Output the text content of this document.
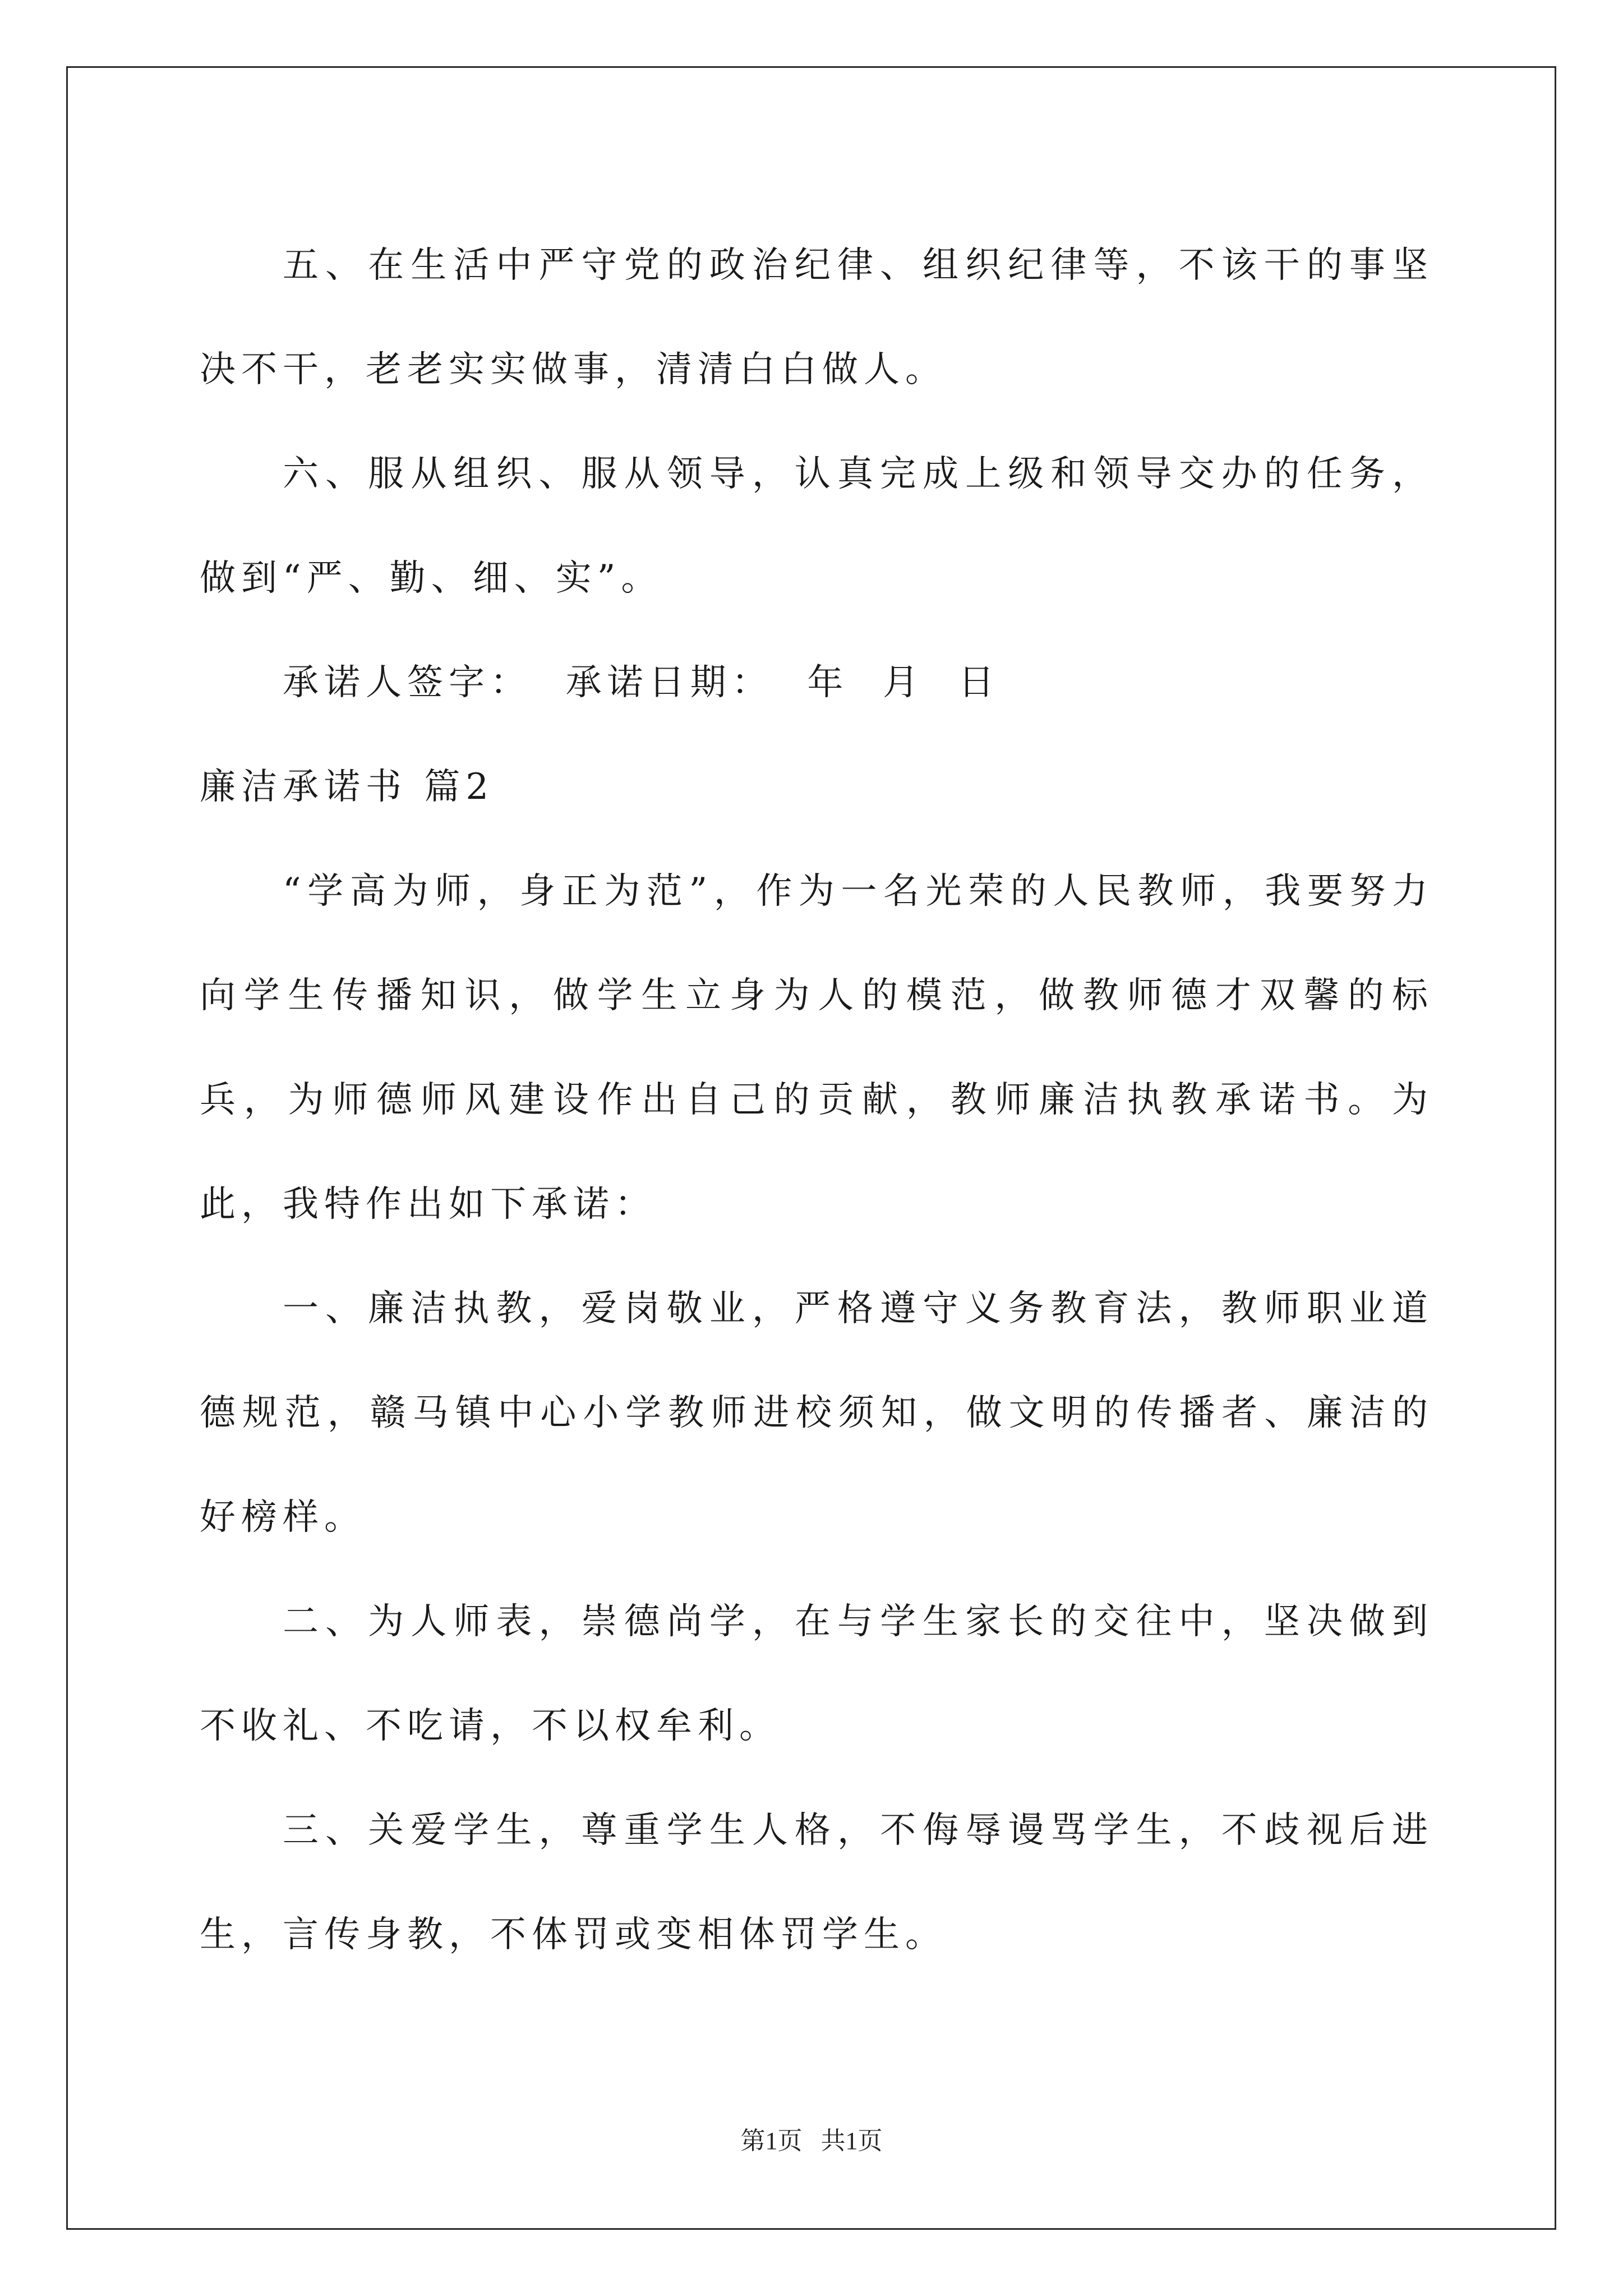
五、在生活中严守党的政治纪律、组织纪律等，不该干的事坚决不干，老老实实做事，清清白白做人。

六、服从组织、服从领导，认真完成上级和领导交办的任务，做到“严、勤、细、实”。

承诺人签字：  承诺日期：  年  月  日

廉洁承诺书 篇2

“学高为师，身正为范”，作为一名光荣的人民教师，我要努力向学生传播知识，做学生立身为人的模范，做教师德才双馨的标兵，为师德师风建设作出自己的贡献，教师廉洁执教承诺书。为此，我特作出如下承诺：

一、廉洁执教，爱岗敬业，严格遵守义务教育法，教师职业道德规范，赣马镇中心小学教师进校须知，做文明的传播者、廉洁的好榜样。

二、为人师表，崇德尚学，在与学生家长的交往中，坚决做到不收礼、不吃请，不以权牟利。

三、关爱学生，尊重学生人格，不侮辱谩骂学生，不歧视后进生，言传身教，不体罚或变相体罚学生。

第1页   共1页
